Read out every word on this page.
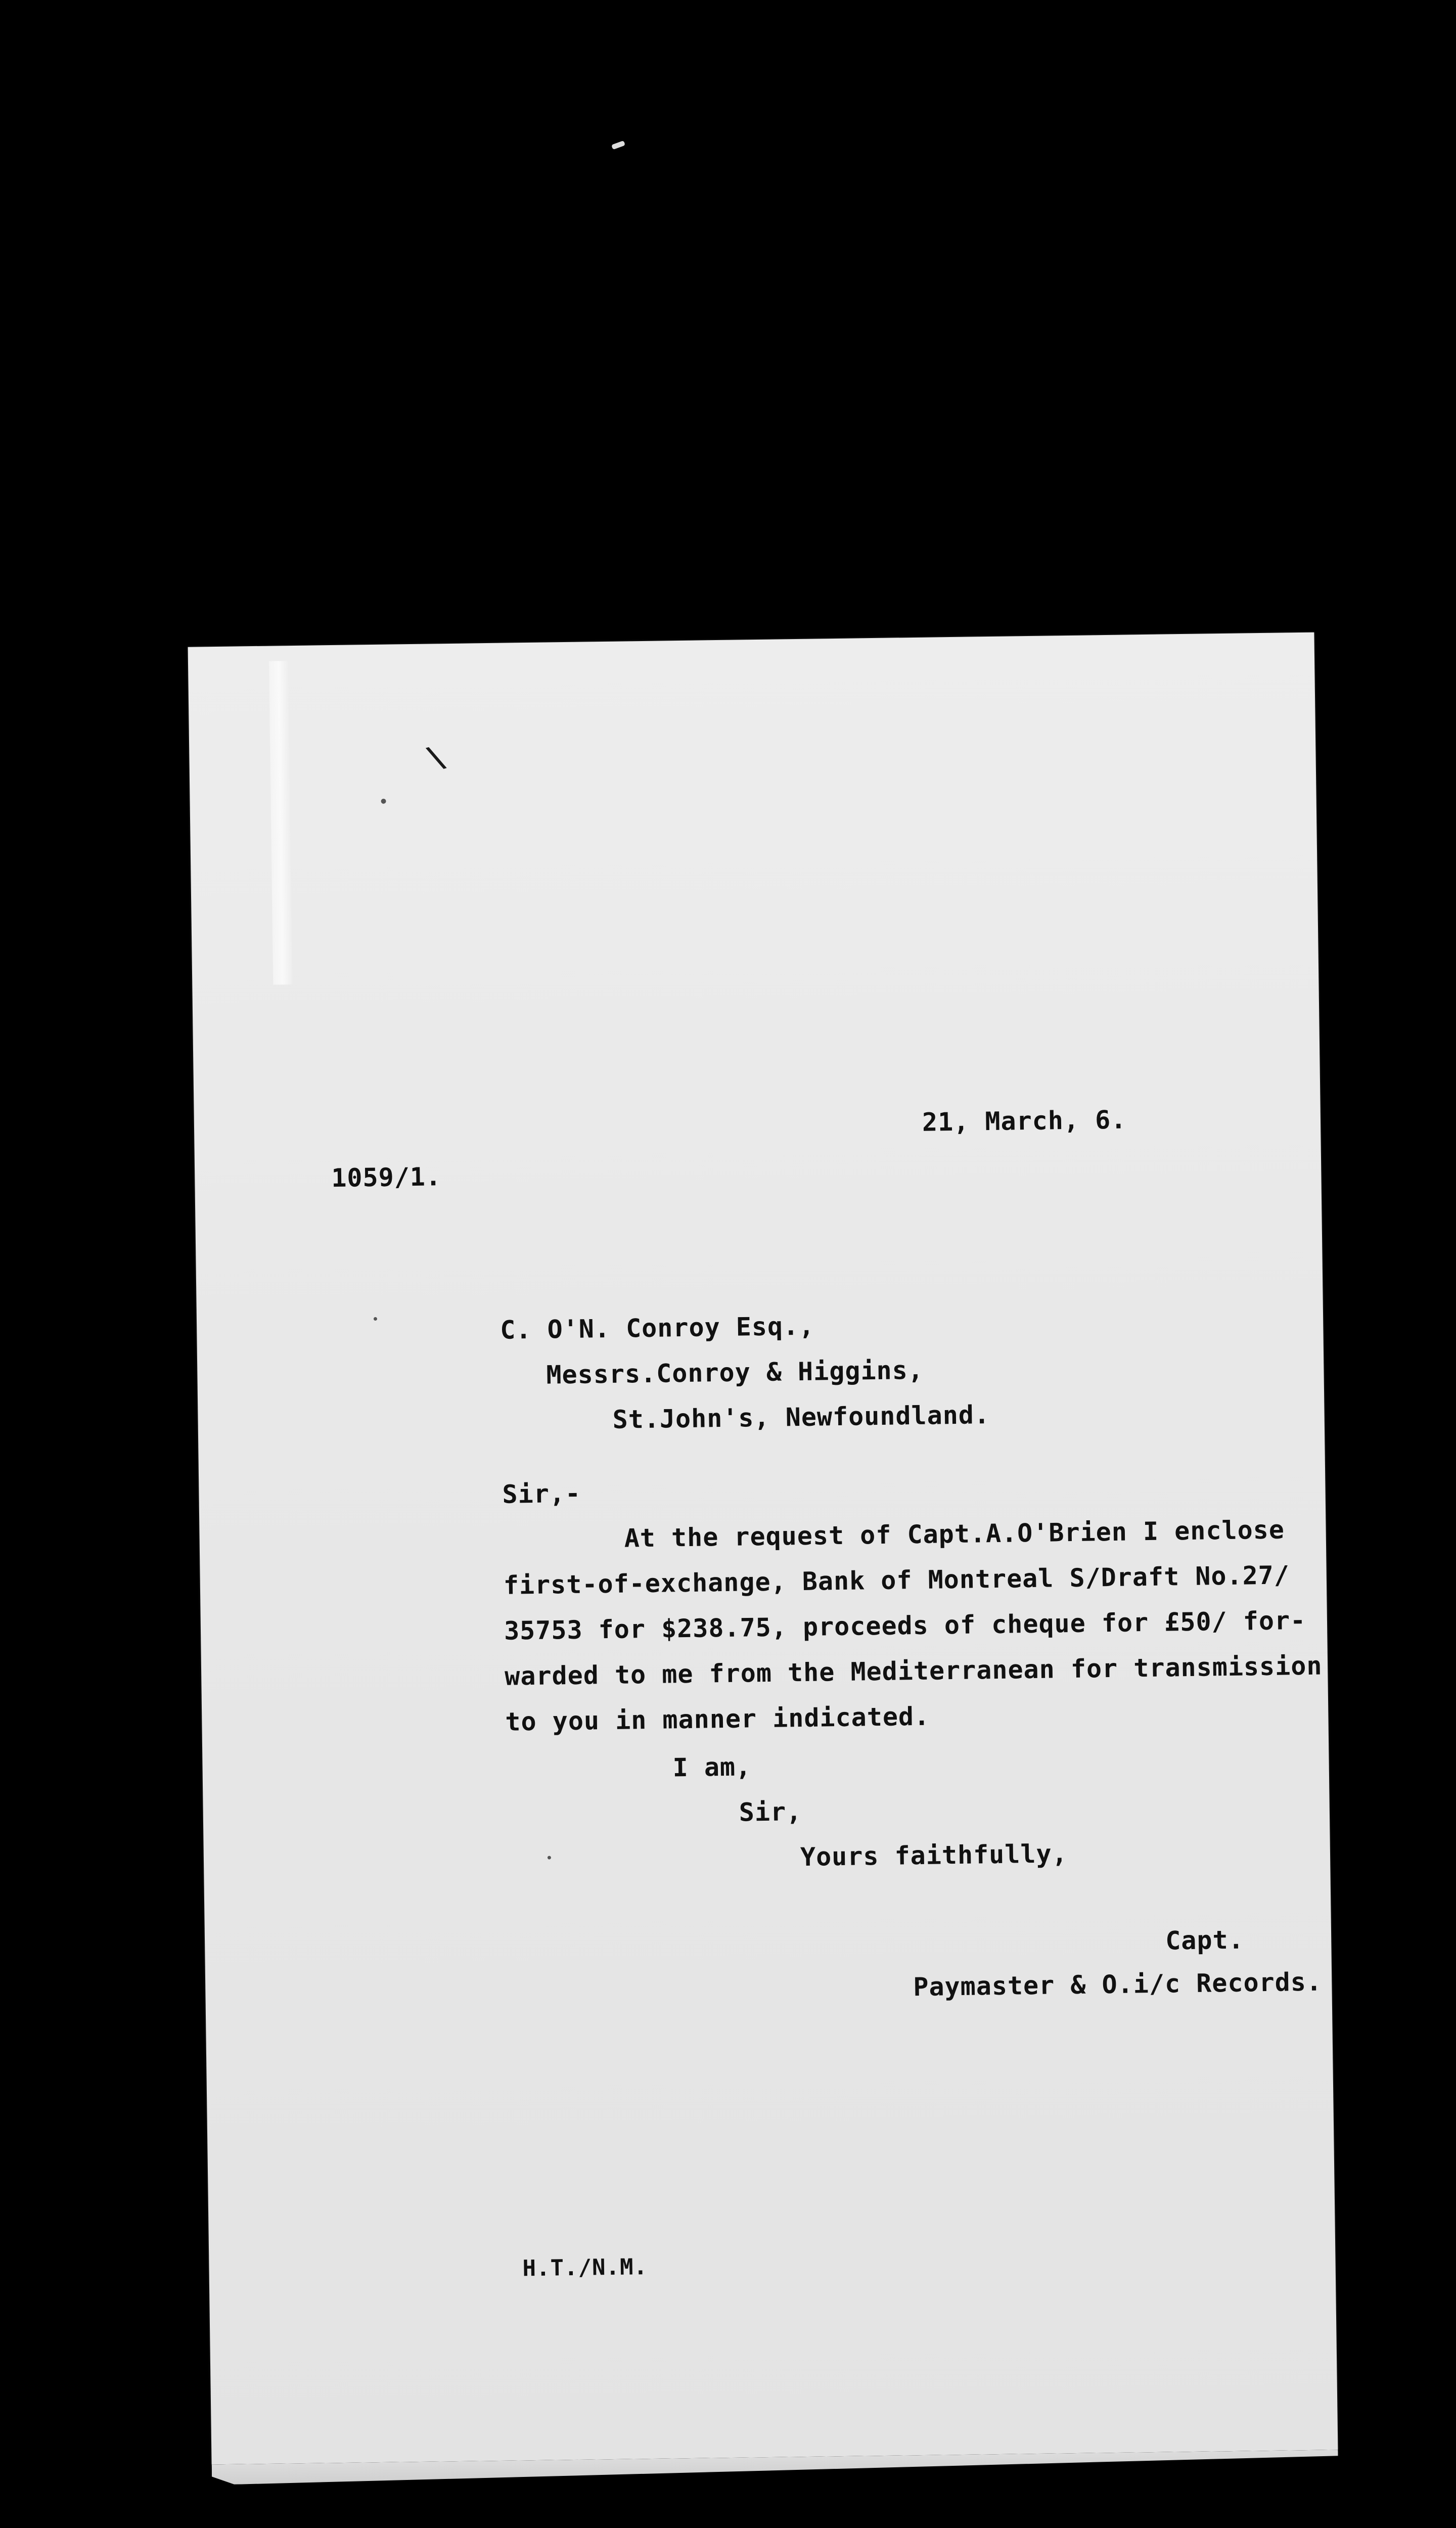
\
21, March, 6.
1059/1.
C. O'N. Conroy Esq.,
Messrs.Conroy & Higgins,
St.John's, Newfoundland.
Sir,-
At the request of Capt.A.O'Brien I enclose
first-of-exchange, Bank of Montreal S/Draft No.27/
35753 for $238.75, proceeds of cheque for £50/ for-
warded to me from the Mediterranean for transmission
to you in manner indicated.
I am,
Sir,
Yours faithfully,
Capt.
Paymaster & O.i/c Records.
H.T./N.M.
